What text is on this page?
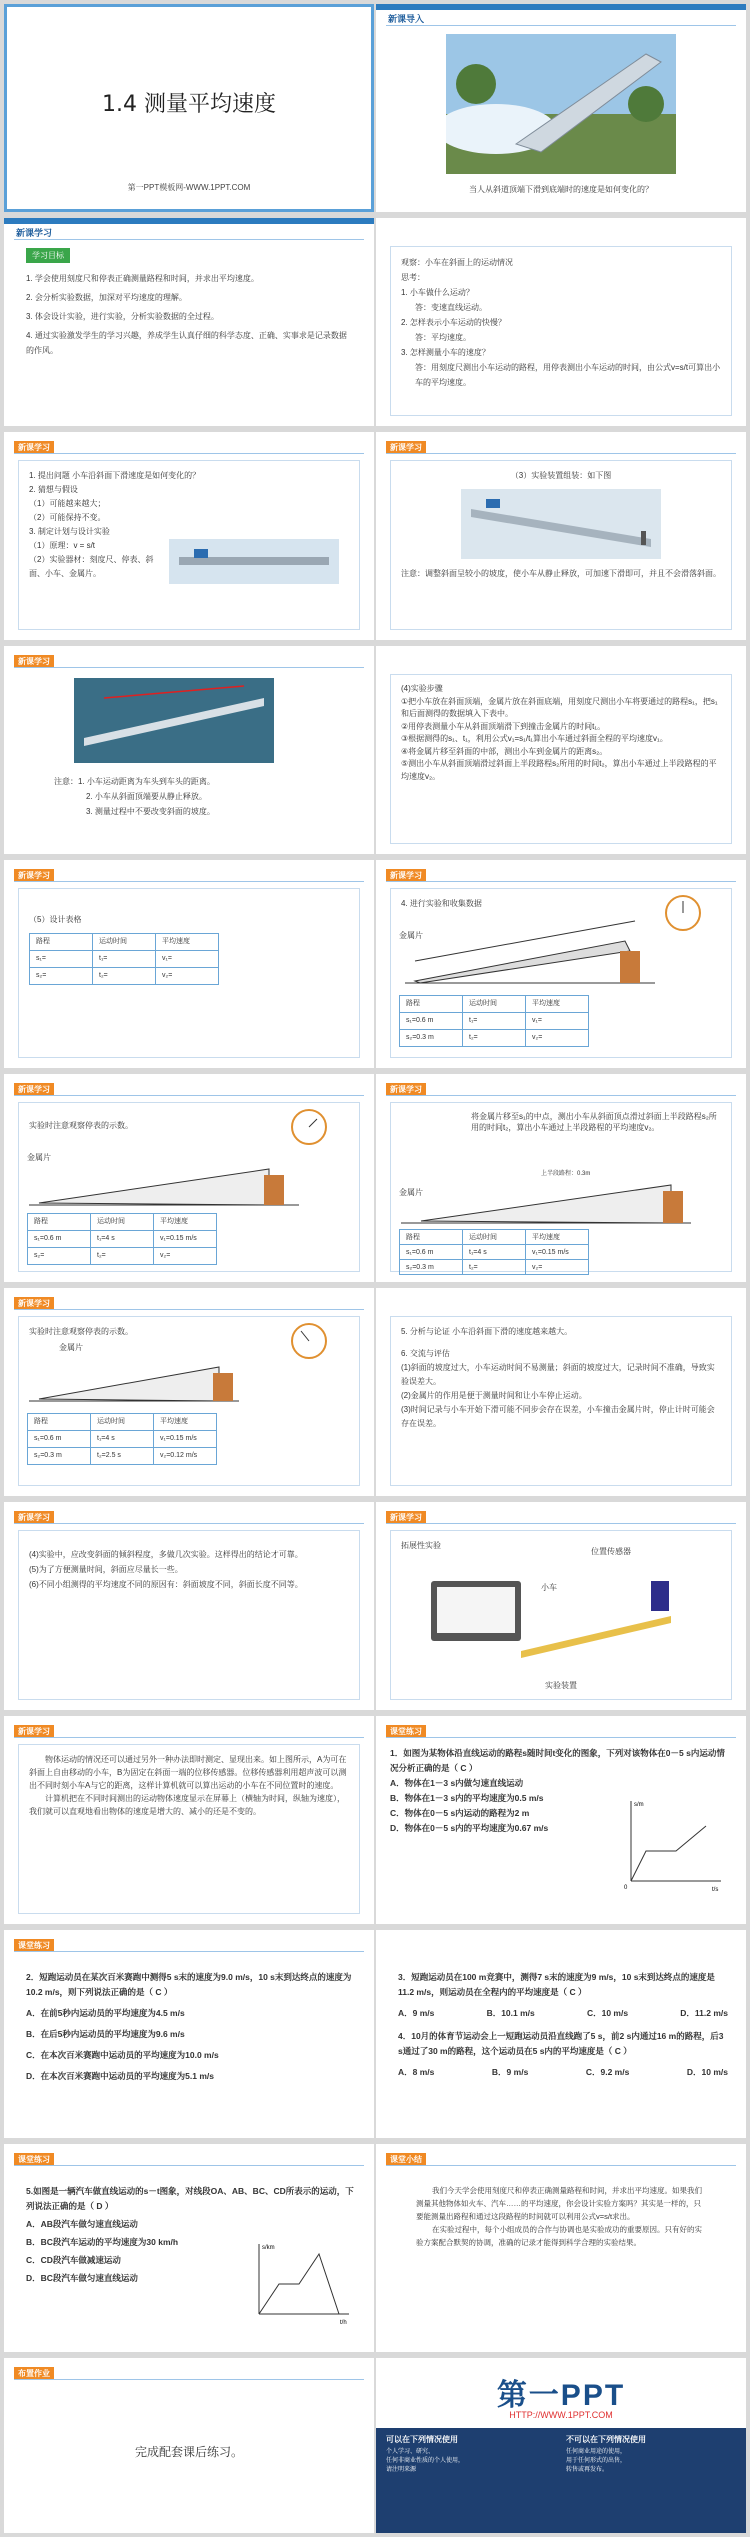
1.4 测量平均速度
第一PPT模板网-WWW.1PPT.COM
新课导入
当人从斜道顶端下滑到底端时的速度是如何变化的？
新课学习
学习目标
1. 学会使用刻度尺和停表正确测量路程和时间，并求出平均速度。
2. 会分析实验数据，加深对平均速度的理解。
3. 体会设计实验，进行实验，分析实验数据的全过程。
4. 通过实验激发学生的学习兴趣，养成学生认真仔细的科学态度、正确、实事求是记录数据的作风。
观察：小车在斜面上的运动情况
思考：
1. 小车做什么运动？
答：变速直线运动。
2. 怎样表示小车运动的快慢？
答：平均速度。
3. 怎样测量小车的速度？
答：用刻度尺测出小车运动的路程，用停表测出小车运动的时间，由公式v=s/t可算出小车的平均速度。
新课学习
1. 提出问题 小车沿斜面下滑速度是如何变化的？
2. 猜想与假设
（1）可能越来越大；
（2）可能保持不变。
3. 制定计划与设计实验
（1）原理：v = s/t
（2）实验器材：刻度尺、停表、斜面、小车、金属片。
新课学习
（3）实验装置组装：如下图
注意：调整斜面呈较小的坡度，使小车从静止释放，可加速下滑即可，并且不会滑落斜面。
新课学习
注意：1. 小车运动距离为车头到车头的距离。
2. 小车从斜面顶端要从静止释放。
3. 测量过程中不要改变斜面的坡度。
(4)实验步骤
①把小车放在斜面顶端，金属片放在斜面底端，用刻度尺测出小车将要通过的路程s₁，把s₁和后面测得的数据填入下表中。
②用停表测量小车从斜面顶端滑下到撞击金属片的时间t₁。
③根据测得的s₁、t₁，利用公式v₁=s₁/t₁算出小车通过斜面全程的平均速度v₁。
④将金属片移至斜面的中部，测出小车到金属片的距离s₂。
⑤测出小车从斜面顶端滑过斜面上半段路程s₂所用的时间t₂，算出小车通过上半段路程的平均速度v₂。
新课学习
（5）设计表格
路程	运动时间	平均速度
s₁=	t₁=	v₁=
s₂=	t₂=	v₂=
新课学习
4. 进行实验和收集数据
金属片
路程	运动时间	平均速度
s₁=0.6 m	t₁=	v₁=
s₂=0.3 m	t₂=	v₂=
新课学习
实验时注意观察停表的示数。
金属片
路程	运动时间	平均速度
s₁=0.6 m	t₁=4 s	v₁=0.15 m/s
s₂=	t₂=	v₂=
新课学习
将金属片移至s₁的中点，测出小车从斜面顶点滑过斜面上半段路程s₂所用的时间t₂，算出小车通过上半段路程的平均速度v₂。
金属片
上半段路程：0.3m
路程	运动时间	平均速度
s₁=0.6 m	t₁=4 s	v₁=0.15 m/s
s₂=0.3 m	t₂=	v₂=
新课学习
实验时注意观察停表的示数。
金属片
路程	运动时间	平均速度
s₁=0.6 m	t₁=4 s	v₁=0.15 m/s
s₂=0.3 m	t₂=2.5 s	v₂=0.12 m/s
5. 分析与论证 小车沿斜面下滑的速度越来越大。
6. 交流与评估
(1)斜面的坡度过大，小车运动时间不易测量；斜面的坡度过大，记录时间不准确，导致实验误差大。
(2)金属片的作用是便于测量时间和让小车停止运动。
(3)时间记录与小车开始下滑可能不同步会存在误差，小车撞击金属片时，停止计时可能会存在误差。
新课学习
(4)实验中，应改变斜面的倾斜程度，多做几次实验。这样得出的结论才可靠。
(5)为了方便测量时间，斜面应尽量长一些。
(6)不同小组测得的平均速度不同的原因有：斜面坡度不同，斜面长度不同等。
新课学习
拓展性实验
位置传感器
小车
实验装置
新课学习
物体运动的情况还可以通过另外一种办法即时测定、显现出来。如上图所示，A为可在斜面上自由移动的小车，B为固定在斜面一端的位移传感器。位移传感器利用超声波可以测出不同时刻小车A与它的距离，这样计算机就可以算出运动的小车在不同位置时的速度。
计算机把在不同时间测出的运动物体速度显示在屏幕上（横轴为时间，纵轴为速度），我们就可以直观地看出物体的速度是增大的、减小的还是不变的。
课堂练习
1．如图为某物体沿直线运动的路程s随时间t变化的图象，下列对该物体在0－5 s内运动情况分析正确的是（ C ）
A．物体在1－3 s内做匀速直线运动
B．物体在1－3 s内的平均速度为0.5 m/s
C．物体在0－5 s内运动的路程为2 m
D．物体在0－5 s内的平均速度为0.67 m/s
s/m
t/s
0
课堂练习
2．短跑运动员在某次百米赛跑中测得5 s末的速度为9.0 m/s，10 s末到达终点的速度为10.2 m/s，则下列说法正确的是（ C ）
A．在前5秒内运动员的平均速度为4.5 m/s
B．在后5秒内运动员的平均速度为9.6 m/s
C．在本次百米赛跑中运动员的平均速度为10.0 m/s
D．在本次百米赛跑中运动员的平均速度为5.1 m/s
3．短跑运动员在100 m竞赛中，测得7 s末的速度为9 m/s，10 s末到达终点的速度是11.2 m/s，则运动员在全程内的平均速度是（ C ）
A．9 m/s	B．10.1 m/s	C．10 m/s	D．11.2 m/s
4．10月的体育节运动会上一短跑运动员沿直线跑了5 s，前2 s内通过16 m的路程，后3 s通过了30 m的路程，这个运动员在5 s内的平均速度是（ C ）
A．8 m/s	B．9 m/s	C．9.2 m/s	D．10 m/s
课堂练习
5.如图是一辆汽车做直线运动的s－t图象，对线段OA、AB、BC、CD所表示的运动，下列说法正确的是（ D ）
A．AB段汽车做匀速直线运动
B．BC段汽车运动的平均速度为30 km/h
C．CD段汽车做减速运动
D．BC段汽车做匀速直线运动
s/km
t/h
课堂小结
我们今天学会使用刻度尺和停表正确测量路程和时间，并求出平均速度。如果我们测量其他物体如火车、汽车……的平均速度，你会设计实验方案吗？其实是一样的，只要能测量出路程和通过这段路程的时间就可以利用公式v=s/t求出。
在实验过程中，每个小组成员的合作与协调也是实验成功的重要原因。只有好的实验方案配合默契的协调，准确的记录才能得到科学合理的实验结果。
布置作业
完成配套课后练习。
第一PPT
HTTP://WWW.1PPT.COM
可以在下列情况使用
个人学习、研究、
任何非商业性质的个人使用，
请注明来源
不可以在下列情况使用
任何商业用途的使用，
用于任何形式的出售，
转售或再发布。
